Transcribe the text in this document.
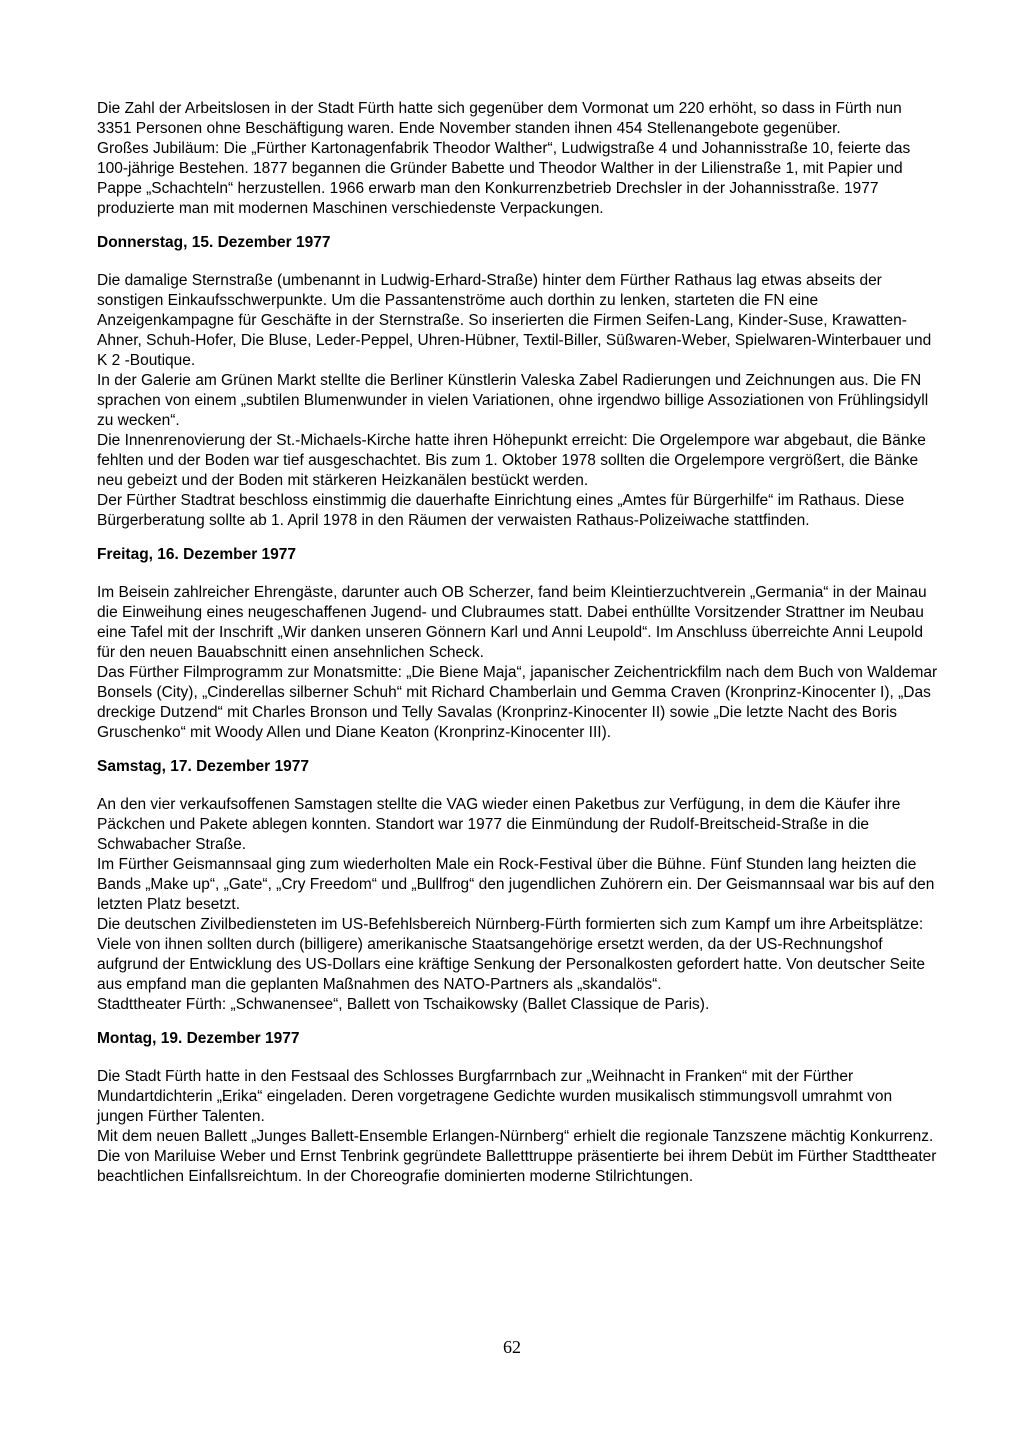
Die Zahl der Arbeitslosen in der Stadt Fürth hatte sich gegenüber dem Vormonat um 220 erhöht, so dass in Fürth nun 3351 Personen ohne Beschäftigung waren. Ende November standen ihnen 454 Stellenangebote gegenüber.

Großes Jubiläum: Die „Fürther Kartonagenfabrik Theodor Walther“, Ludwigstraße 4 und Johannisstraße 10, feierte das 100-jährige Bestehen. 1877 begannen die Gründer Babette und Theodor Walther in der Lilienstraße 1, mit Papier und Pappe „Schachteln“ herzustellen. 1966 erwarb man den Konkurrenzbetrieb Drechsler in der Johannisstraße. 1977 produzierte man mit modernen Maschinen verschiedenste Verpackungen.

Donnerstag, 15. Dezember 1977

Die damalige Sternstraße (umbenannt in Ludwig-Erhard-Straße) hinter dem Fürther Rathaus lag etwas abseits der sonstigen Einkaufsschwerpunkte. Um die Passantenströme auch dorthin zu lenken, starteten die FN eine Anzeigenkampagne für Geschäfte in der Sternstraße. So inserierten die Firmen Seifen-Lang, Kinder-Suse, Krawatten-Ahner, Schuh-Hofer, Die Bluse, Leder-Peppel, Uhren-Hübner, Textil-Biller, Süßwaren-Weber, Spielwaren-Winterbauer und K 2 -Boutique.

In der Galerie am Grünen Markt stellte die Berliner Künstlerin Valeska Zabel Radierungen und Zeichnungen aus. Die FN sprachen von einem „subtilen Blumenwunder in vielen Variationen, ohne irgendwo billige Assoziationen von Frühlingsidyll zu wecken“.

Die Innenrenovierung der St.-Michaels-Kirche hatte ihren Höhepunkt erreicht: Die Orgelempore war abgebaut, die Bänke fehlten und der Boden war tief ausgeschachtet. Bis zum 1. Oktober 1978 sollten die Orgelempore vergrößert, die Bänke neu gebeizt und der Boden mit stärkeren Heizkanälen bestückt werden.

Der Fürther Stadtrat beschloss einstimmig die dauerhafte Einrichtung eines „Amtes für Bürgerhilfe“ im Rathaus. Diese Bürgerberatung sollte ab 1. April 1978 in den Räumen der verwaisten Rathaus-Polizeiwache stattfinden.

Freitag, 16. Dezember 1977

Im Beisein zahlreicher Ehrengäste, darunter auch OB Scherzer, fand beim Kleintierzuchtverein „Germania“ in der Mainau die Einweihung eines neugeschaffenen Jugend- und Clubraumes statt. Dabei enthüllte Vorsitzender Strattner im Neubau eine Tafel mit der Inschrift „Wir danken unseren Gönnern Karl und Anni Leupold“. Im Anschluss überreichte Anni Leupold für den neuen Bauabschnitt einen ansehnlichen Scheck.

Das Fürther Filmprogramm zur Monatsmitte: „Die Biene Maja“, japanischer Zeichentrickfilm nach dem Buch von Waldemar Bonsels (City), „Cinderellas silberner Schuh“ mit Richard Chamberlain und Gemma Craven (Kronprinz-Kinocenter I), „Das dreckige Dutzend“ mit Charles Bronson und Telly Savalas (Kronprinz-Kinocenter II) sowie „Die letzte Nacht des Boris Gruschenko“ mit Woody Allen und Diane Keaton (Kronprinz-Kinocenter III).

Samstag, 17. Dezember 1977

An den vier verkaufsoffenen Samstagen stellte die VAG wieder einen Paketbus zur Verfügung, in dem die Käufer ihre Päckchen und Pakete ablegen konnten. Standort war 1977 die Einmündung der Rudolf-Breitscheid-Straße in die Schwabacher Straße.

Im Fürther Geismannsaal ging zum wiederholten Male ein Rock-Festival über die Bühne. Fünf Stunden lang heizten die Bands „Make up“, „Gate“, „Cry Freedom“ und „Bullfrog“ den jugendlichen Zuhörern ein. Der Geismannsaal war bis auf den letzten Platz besetzt.

Die deutschen Zivilbediensteten im US-Befehlsbereich Nürnberg-Fürth formierten sich zum Kampf um ihre Arbeitsplätze: Viele von ihnen sollten durch (billigere) amerikanische Staatsangehörige ersetzt werden, da der US-Rechnungshof aufgrund der Entwicklung des US-Dollars eine kräftige Senkung der Personalkosten gefordert hatte. Von deutscher Seite aus empfand man die geplanten Maßnahmen des NATO-Partners als „skandalös“.

Stadttheater Fürth: „Schwanensee“, Ballett von Tschaikowsky (Ballet Classique de Paris).

Montag, 19. Dezember 1977

Die Stadt Fürth hatte in den Festsaal des Schlosses Burgfarrnbach zur „Weihnacht in Franken“ mit der Fürther Mundartdichterin „Erika“ eingeladen. Deren vorgetragene Gedichte wurden musikalisch stimmungsvoll umrahmt von jungen Fürther Talenten.

Mit dem neuen Ballett „Junges Ballett-Ensemble Erlangen-Nürnberg“ erhielt die regionale Tanzszene mächtig Konkurrenz. Die von Mariluise Weber und Ernst Tenbrink gegründete Balletttruppe präsentierte bei ihrem Debüt im Fürther Stadttheater beachtlichen Einfallsreichtum. In der Choreografie dominierten moderne Stilrichtungen.

62
